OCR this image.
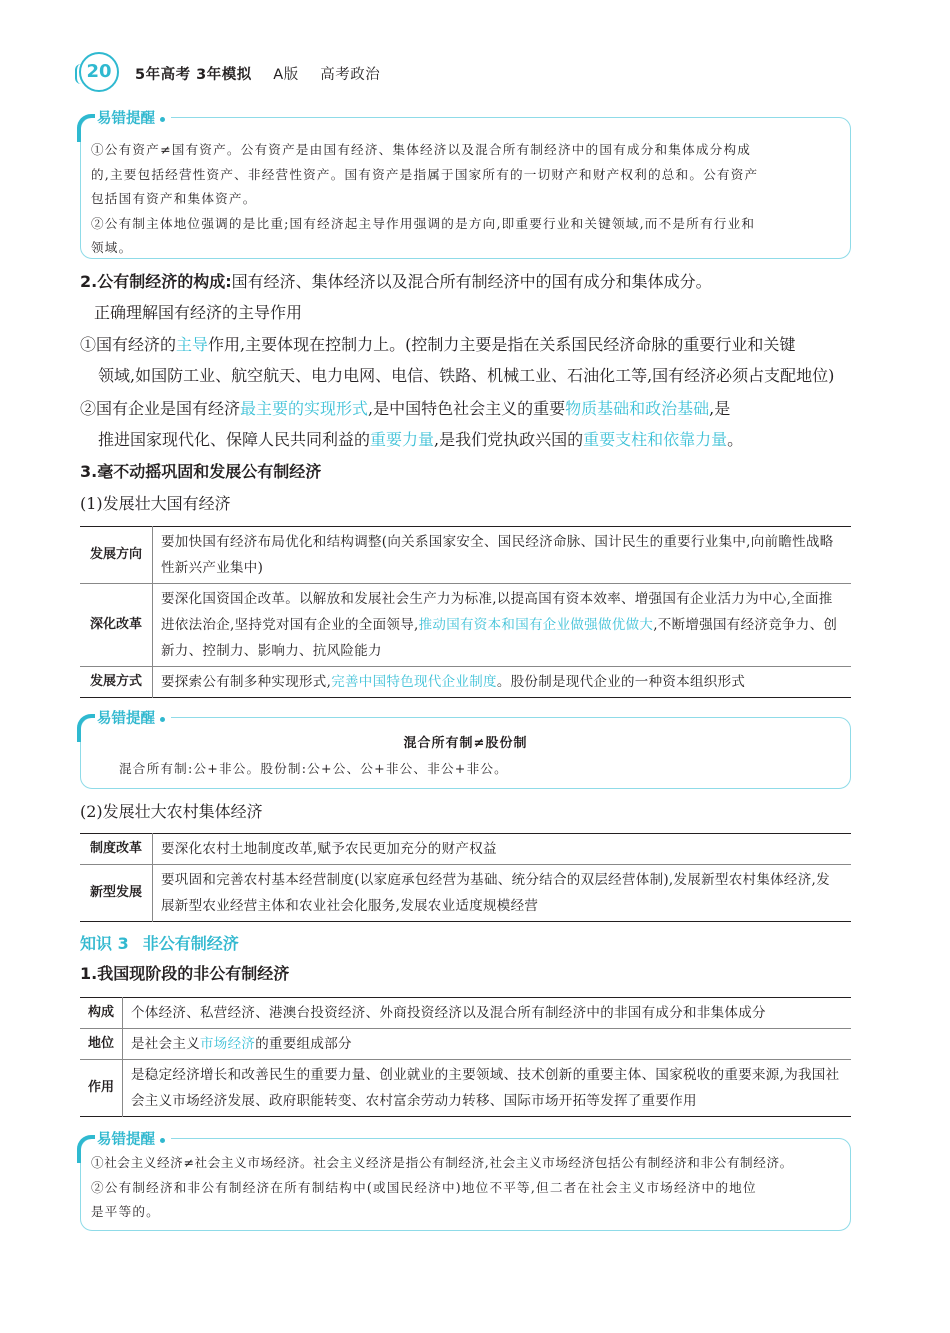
20	5年高考 3年模拟 A版 高考政治
易错提醒

①公有资产≠国有资产。公有资产是由国有经济、集体经济以及混合所有制经济中的国有成分和集体成分构成

的,主要包括经营性资产、非经营性资产。国有资产是指属于国家所有的一切财产和财产权利的总和。公有资产

包括国有资产和集体资产。

②公有制主体地位强调的是比重;国有经济起主导作用强调的是方向,即重要行业和关键领域,而不是所有行业和

领域。

2.公有制经济的构成:国有经济、集体经济以及混合所有制经济中的国有成分和集体成分。
正确理解国有经济的主导作用
①国有经济的主导作用,主要体现在控制力上。(控制力主要是指在关系国民经济命脉的重要行业和关键
领域,如国防工业、航空航天、电力电网、电信、铁路、机械工业、石油化工等,国有经济必须占支配地位)
②国有企业是国有经济最主要的实现形式,是中国特色社会主义的重要物质基础和政治基础,是
推进国家现代化、保障人民共同利益的重要力量,是我们党执政兴国的重要支柱和依靠力量。
3.毫不动摇巩固和发展公有制经济
(1)发展壮大国有经济
发展方向	要加快国有经济布局优化和结构调整(向关系国家安全、国民经济命脉、国计民生的重要行业集中,向前瞻性战略性新兴产业集中)
深化改革	要深化国资国企改革。以解放和发展社会生产力为标准,以提高国有资本效率、增强国有企业活力为中心,全面推进依法治企,坚持党对国有企业的全面领导,推动国有资本和国有企业做强做优做大,不断增强国有经济竞争力、创新力、控制力、影响力、抗风险能力
发展方式	要探索公有制多种实现形式,完善中国特色现代企业制度。股份制是现代企业的一种资本组织形式
易错提醒

混合所有制≠股份制

混合所有制:公+非公。股份制:公+公、公+非公、非公+非公。

(2)发展壮大农村集体经济
制度改革	要深化农村土地制度改革,赋予农民更加充分的财产权益
新型发展	要巩固和完善农村基本经营制度(以家庭承包经营为基础、统分结合的双层经营体制),发展新型农村集体经济,发展新型农业经营主体和农业社会化服务,发展农业适度规模经营
知识 3 非公有制经济
1.我国现阶段的非公有制经济
构成	个体经济、私营经济、港澳台投资经济、外商投资经济以及混合所有制经济中的非国有成分和非集体成分
地位	是社会主义市场经济的重要组成部分
作用	是稳定经济增长和改善民生的重要力量、创业就业的主要领域、技术创新的重要主体、国家税收的重要来源,为我国社会主义市场经济发展、政府职能转变、农村富余劳动力转移、国际市场开拓等发挥了重要作用
易错提醒

①社会主义经济≠社会主义市场经济。社会主义经济是指公有制经济,社会主义市场经济包括公有制经济和非公有制经济。

②公有制经济和非公有制经济在所有制结构中(或国民经济中)地位不平等,但二者在社会主义市场经济中的地位

是平等的。
